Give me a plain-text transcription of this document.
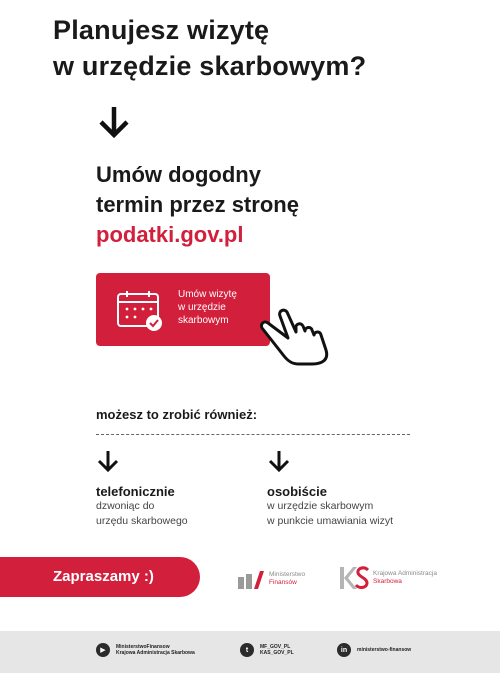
Planujesz wizytę
w urzędzie skarbowym?
Umów dogodny
termin przez stronę
podatki.gov.pl
Umów wizytę
w urzędzie
skarbowym
możesz to zrobić również:
telefonicznie
dzwoniąc do
urzędu skarbowego
osobiście
w urzędzie skarbowym
w punkcie umawiania wizyt
Zapraszamy :)	Ministerstwo
Finansów
Krajowa Administracja
Skarbowa
▶	MinisterstwoFinansow
Krajowa Administracja Skarbowa	t	MF_GOV_PL
KAS_GOV_PL	in	ministerstwo-finansow
